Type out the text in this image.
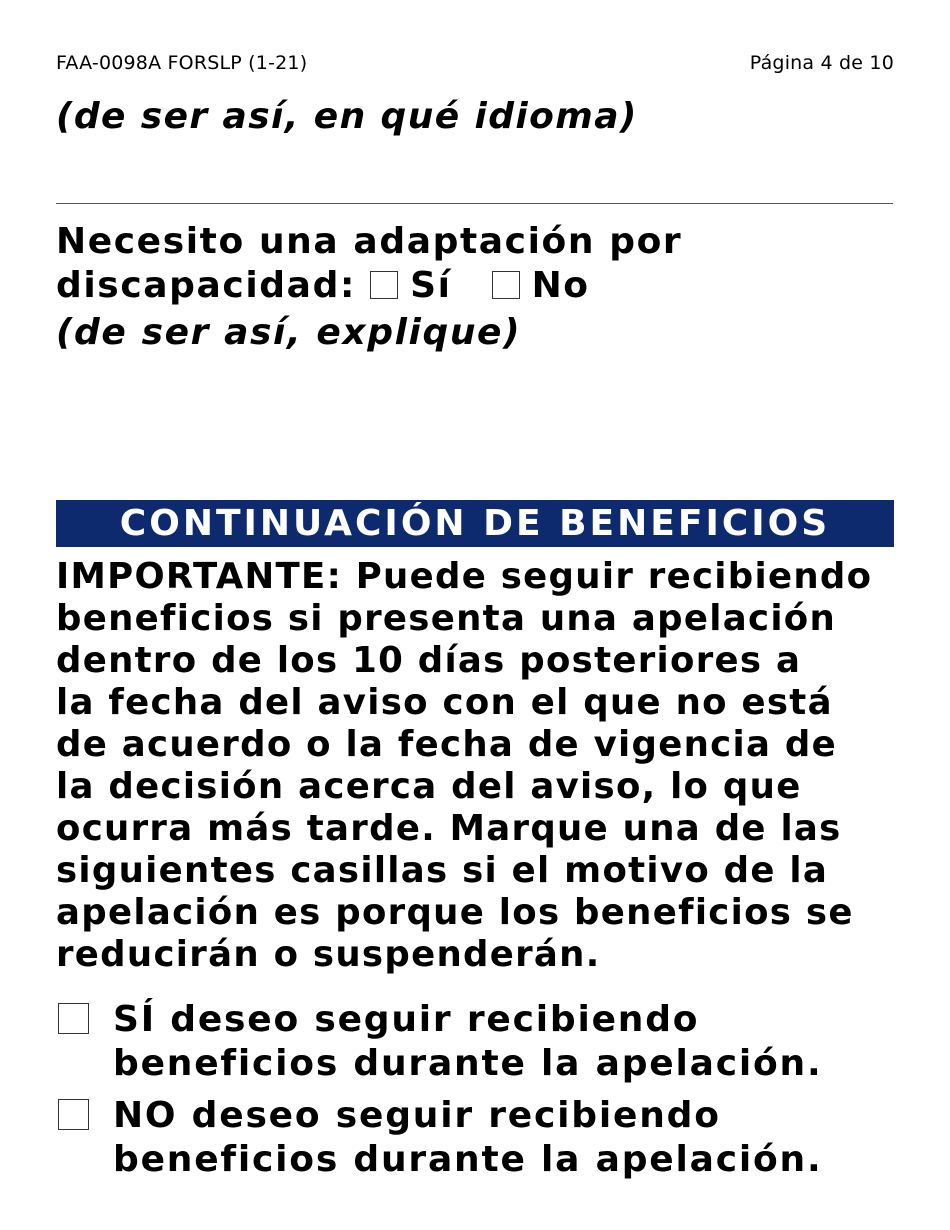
FAA-0098A FORSLP (1-21)	Página 4 de 10
(de ser así, en qué idioma)
Necesito una adaptación por
discapacidad: Sí No
(de ser así, explique)
CONTINUACIÓN DE BENEFICIOS
IMPORTANTE: Puede seguir recibiendo
beneficios si presenta una apelación
dentro de los 10 días posteriores a
la fecha del aviso con el que no está
de acuerdo o la fecha de vigencia de
la decisión acerca del aviso, lo que
ocurra más tarde. Marque una de las
siguientes casillas si el motivo de la
apelación es porque los beneficios se
reducirán o suspenderán.
SÍ deseo seguir recibiendo
beneficios durante la apelación.
NO deseo seguir recibiendo
beneficios durante la apelación.
